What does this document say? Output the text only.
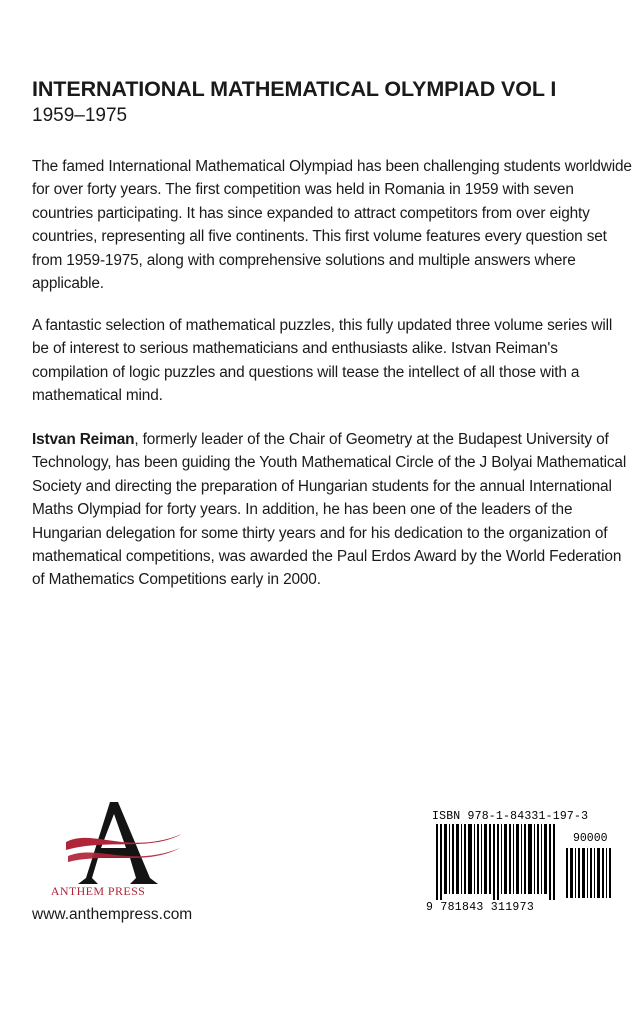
INTERNATIONAL MATHEMATICAL OLYMPIAD VOL I
1959–1975

The famed International Mathematical Olympiad has been challenging students worldwide for over forty years. The first competition was held in Romania in 1959 with seven countries participating. It has since expanded to attract competitors from over eighty countries, representing all five continents. This first volume features every question set from 1959-1975, along with comprehensive solutions and multiple answers where applicable.

A fantastic selection of mathematical puzzles, this fully updated three volume series will be of interest to serious mathematicians and enthusiasts alike. Istvan Reiman's compilation of logic puzzles and questions will tease the intellect of all those with a mathematical mind.

Istvan Reiman, formerly leader of the Chair of Geometry at the Budapest University of Technology, has been guiding the Youth Mathematical Circle of the J Bolyai Mathematical Society and directing the preparation of Hungarian students for the annual International Maths Olympiad for forty years. In addition, he has been one of the leaders of the Hungarian delegation for some thirty years and for his dedication to the organization of mathematical competitions, was awarded the Paul Erdos Award by the World Federation of Mathematics Competitions early in 2000.

ANTHEM PRESS
www.anthempress.com
ISBN 978-1-84331-197-3
90000
9 781843 311973
